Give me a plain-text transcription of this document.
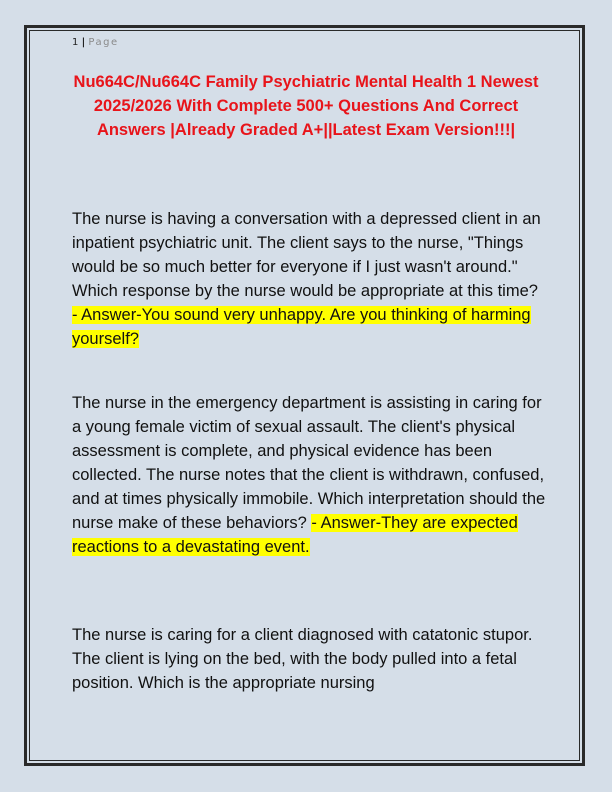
1 | Page
Nu664C/Nu664C Family Psychiatric Mental Health 1 Newest 2025/2026 With Complete 500+ Questions And Correct Answers |Already Graded A+||Latest Exam Version!!!|
The nurse is having a conversation with a depressed client in an inpatient psychiatric unit. The client says to the nurse, "Things would be so much better for everyone if I just wasn't around." Which response by the nurse would be appropriate at this time? - Answer-You sound very unhappy. Are you thinking of harming yourself?
The nurse in the emergency department is assisting in caring for a young female victim of sexual assault. The client's physical assessment is complete, and physical evidence has been collected. The nurse notes that the client is withdrawn, confused, and at times physically immobile. Which interpretation should the nurse make of these behaviors? - Answer-They are expected reactions to a devastating event.
The nurse is caring for a client diagnosed with catatonic stupor. The client is lying on the bed, with the body pulled into a fetal position. Which is the appropriate nursing
